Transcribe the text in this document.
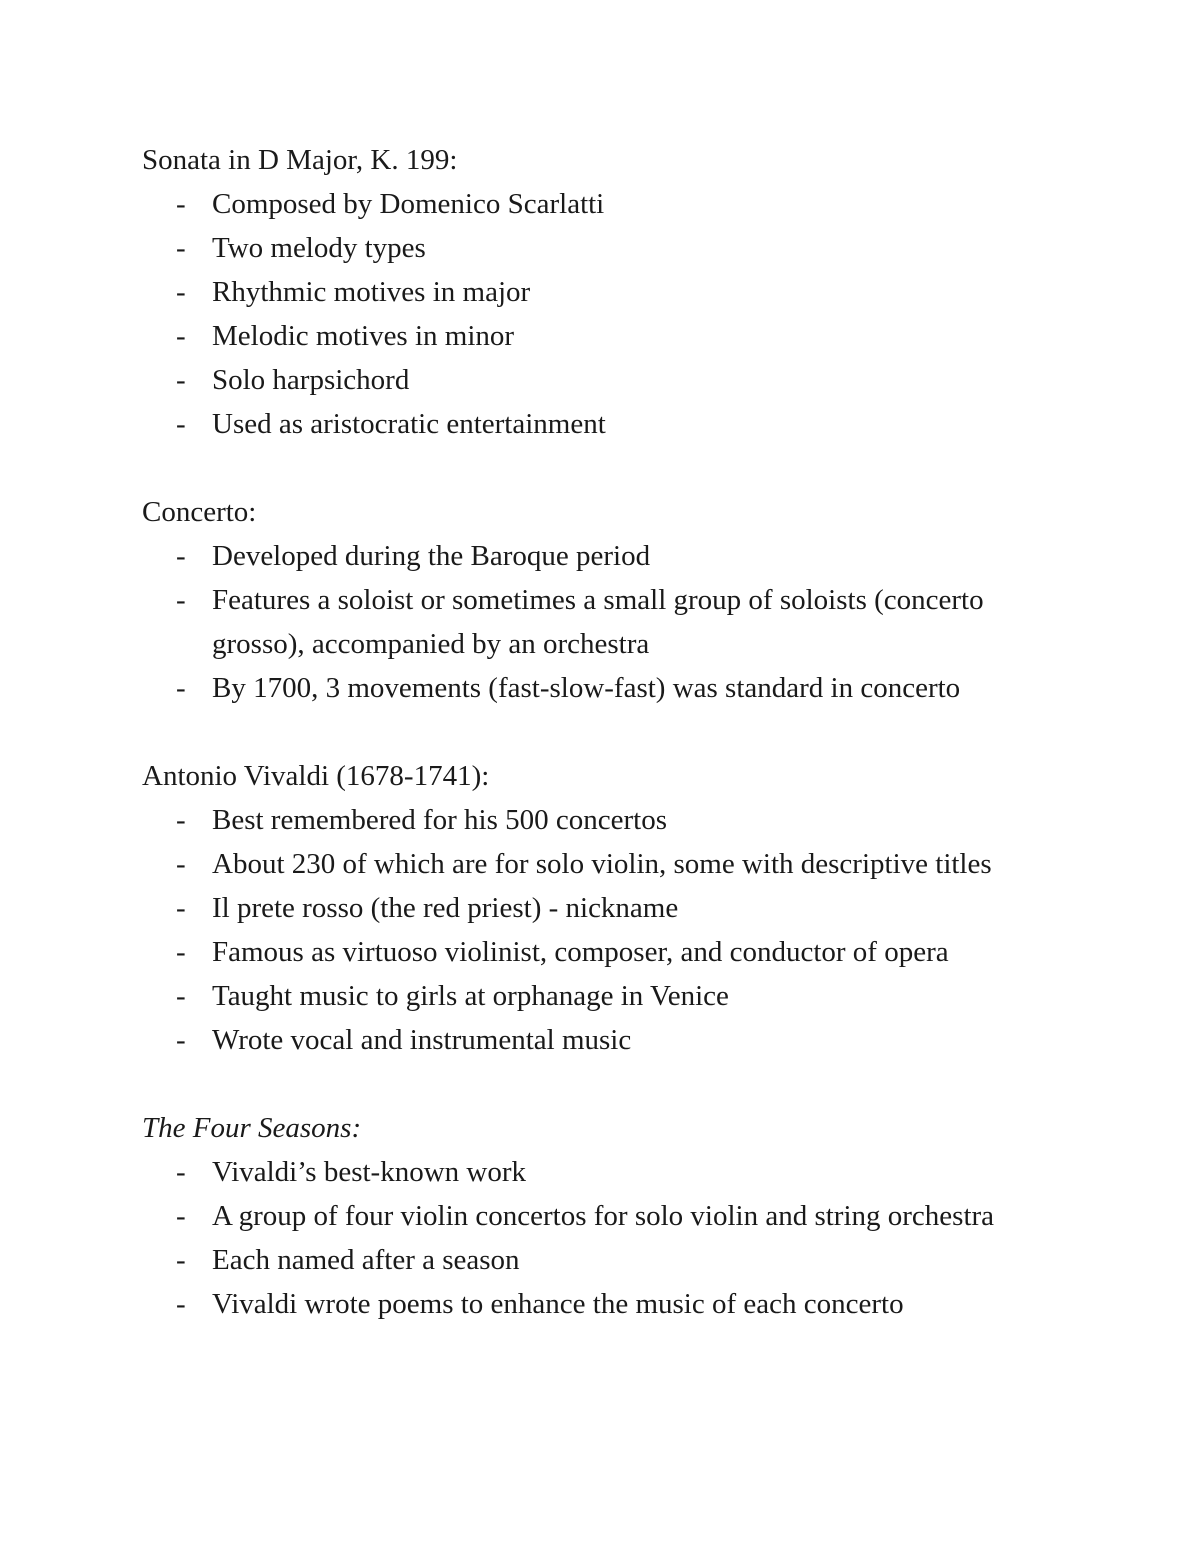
Sonata in D Major, K. 199:

- Composed by Domenico Scarlatti
- Two melody types
- Rhythmic motives in major
- Melodic motives in minor
- Solo harpsichord
- Used as aristocratic entertainment

Concerto:

- Developed during the Baroque period
- Features a soloist or sometimes a small group of soloists (concerto grosso), accompanied by an orchestra
- By 1700, 3 movements (fast-slow-fast) was standard in concerto

Antonio Vivaldi (1678-1741):

- Best remembered for his 500 concertos
- About 230 of which are for solo violin, some with descriptive titles
- Il prete rosso (the red priest) - nickname
- Famous as virtuoso violinist, composer, and conductor of opera
- Taught music to girls at orphanage in Venice
- Wrote vocal and instrumental music

The Four Seasons:

- Vivaldi’s best-known work
- A group of four violin concertos for solo violin and string orchestra
- Each named after a season
- Vivaldi wrote poems to enhance the music of each concerto
